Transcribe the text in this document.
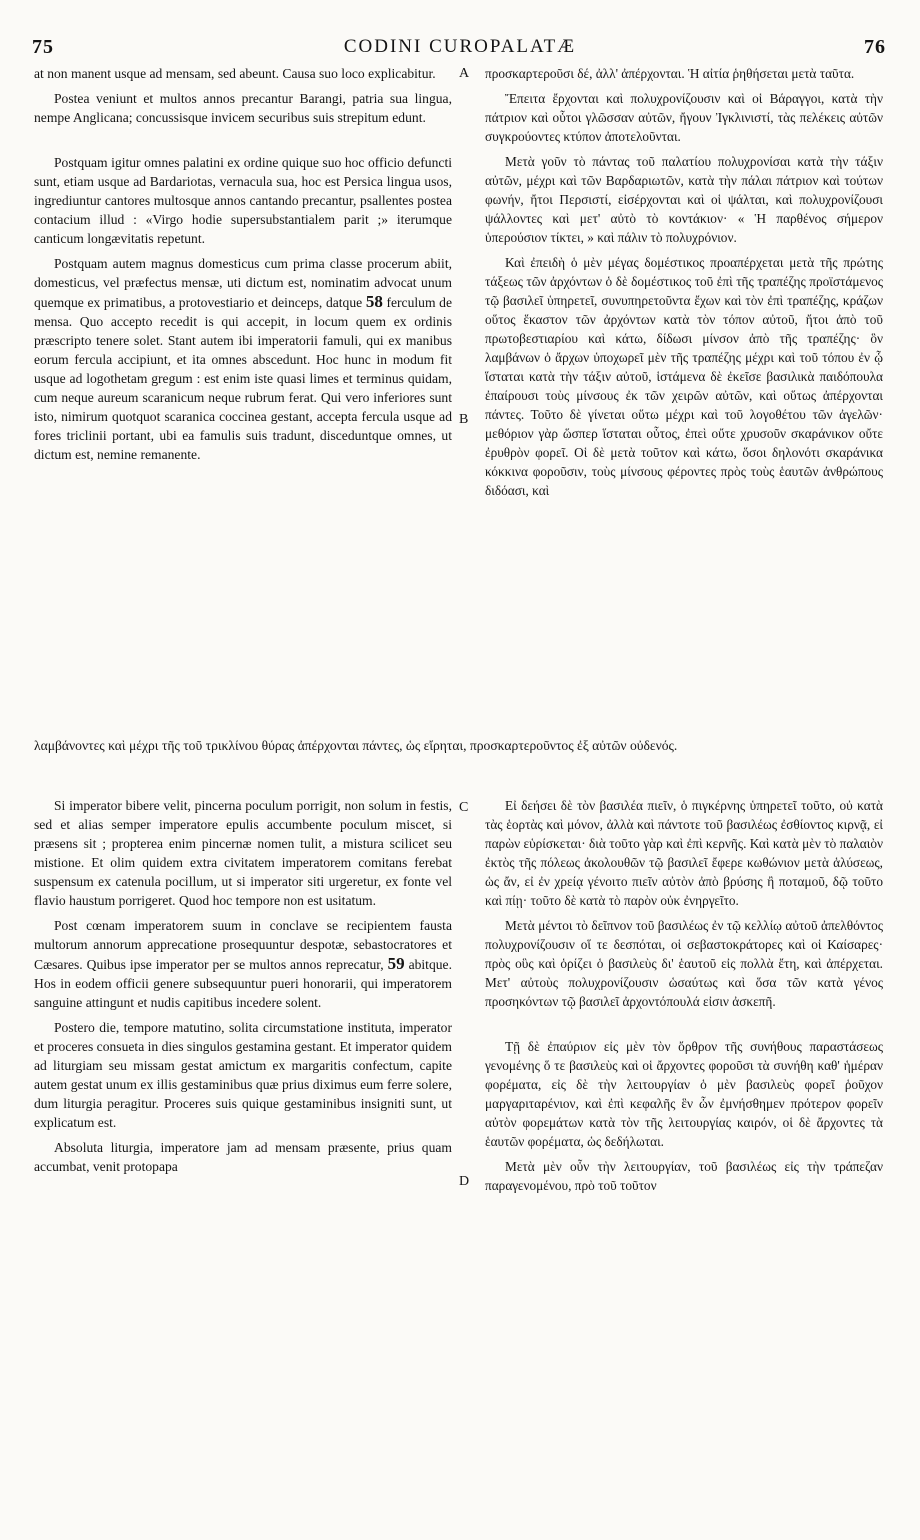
75	CODINI CUROPALATÆ	76

at non manent usque ad mensam, sed abeunt. Causa suo loco explicabitur.

Postea veniunt et multos annos precantur Barangi, patria sua lingua, nempe Anglicana; concussisque invicem securibus suis strepitum edunt.

Postquam igitur omnes palatini ex ordine quique suo hoc officio defuncti sunt, etiam usque ad Bardariotas, vernacula sua, hoc est Persica lingua usos, ingrediuntur cantores multosque annos cantando precantur, psallentes postea contacium illud : «Virgo hodie supersubstantialem parit ;» iterumque canticum longævitatis repetunt.

Postquam autem magnus domesticus cum prima classe procerum abiit, domesticus, vel præfectus mensæ, uti dictum est, nominatim advocat unum quemque ex primatibus, a protovestiario et deinceps, datque 58 ferculum de mensa. Quo accepto recedit is qui accepit, in locum quem ex ordinis præscripto tenere solet. Stant autem ibi imperatorii famuli, qui ex manibus eorum fercula accipiunt, et ita omnes abscedunt. Hoc hunc in modum fit usque ad logothetam gregum : est enim iste quasi limes et terminus quidam, cum neque aureum scaranicum neque rubrum ferat. Qui vero inferiores sunt isto, nimirum quotquot scaranica coccinea gestant, accepta fercula usque ad fores triclinii portant, ubi ea famulis suis tradunt, disceduntque omnes, ut dictum est, nemine remanente.

Si imperator bibere velit, pincerna poculum porrigit, non solum in festis, sed et alias semper imperatore epulis accumbente poculum miscet, si præsens sit ; propterea enim pincernæ nomen tulit, a mistura scilicet seu mistione. Et olim quidem extra civitatem imperatorem comitans ferebat suspensum ex catenula pocillum, ut si imperator siti urgeretur, ex fonte vel flavio haustum porrigeret. Quod hoc tempore non est usitatum.

Post cœnam imperatorem suum in conclave se recipientem fausta multorum annorum apprecatione prosequuntur despotæ, sebastocratores et Cæsares. Quibus ipse imperator per se multos annos reprecatur, 59 abitque. Hos in eodem officii genere subsequuntur pueri honorarii, qui imperatorem sanguine attingunt et nudis capitibus incedere solent.

Postero die, tempore matutino, solita circumstatione instituta, imperator et proceres consueta in dies singulos gestamina gestant. Et imperator quidem ad liturgiam seu missam gestat amictum ex margaritis confectum, capite autem gestat unum ex illis gestaminibus quæ prius diximus eum ferre solere, dum liturgia peragitur. Proceres suis quique gestaminibus insigniti sunt, ut explicatum est.

Absoluta liturgia, imperatore jam ad mensam præsente, prius quam accumbat, venit protopapa

προσκαρτεροῦσι δέ, ἀλλ' ἀπέρχονται. Ἡ αἰτία ῥηθήσεται μετὰ ταῦτα.

Ἔπειτα ἔρχονται καὶ πολυχρονίζουσιν καὶ οἱ Βάραγγοι, κατὰ τὴν πάτριον καὶ οὗτοι γλῶσσαν αὐτῶν, ἤγουν Ἰγκλινιστί, τὰς πελέκεις αὐτῶν συγκρούοντες κτύπον ἀποτελοῦνται.

Μετὰ γοῦν τὸ πάντας τοῦ παλατίου πολυχρονίσαι κατὰ τὴν τάξιν αὐτῶν, μέχρι καὶ τῶν Βαρδαριωτῶν, κατὰ τὴν πάλαι πάτριον καὶ τούτων φωνήν, ἤτοι Περσιστί, εἰσέρχονται καὶ οἱ ψάλται, καὶ πολυχρονίζουσι ψάλλοντες καὶ μετ' αὐτὸ τὸ κοντάκιον· « Ἡ παρθένος σήμερον ὑπερούσιον τίκτει, » καὶ πάλιν τὸ πολυχρόνιον.

Καὶ ἐπειδὴ ὁ μὲν μέγας δομέστικος προαπέρχεται μετὰ τῆς πρώτης τάξεως τῶν ἀρχόντων ὁ δὲ δομέστικος τοῦ ἐπὶ τῆς τραπέζης προϊστάμενος τῷ βασιλεῖ ὑπηρετεῖ, συνυπηρετοῦντα ἔχων καὶ τὸν ἐπὶ τραπέζης, κράζων οὕτος ἕκαστον τῶν ἀρχόντων κατὰ τὸν τόπον αὐτοῦ, ἤτοι ἀπὸ τοῦ πρωτοβεστιαρίου καὶ κάτω, δίδωσι μίνσον ἀπὸ τῆς τραπέζης· ὃν λαμβάνων ὁ ἄρχων ὑποχωρεῖ μὲν τῆς τραπέζης μέχρι καὶ τοῦ τόπου ἐν ᾧ ἵσταται κατὰ τὴν τάξιν αὐτοῦ, ἱστάμενα δὲ ἐκεῖσε βασιλικὰ παιδόπουλα ἐπαίρουσι τοὺς μίνσους ἐκ τῶν χειρῶν αὐτῶν, καὶ οὕτως ἀπέρχονται πάντες. Τοῦτο δὲ γίνεται οὕτω μέχρι καὶ τοῦ λογοθέτου τῶν ἀγελῶν· μεθόριον γὰρ ὥσπερ ἵσταται οὗτος, ἐπεὶ οὔτε χρυσοῦν σκαράνικον οὔτε ἐρυθρὸν φορεῖ. Οἱ δὲ μετὰ τοῦτον καὶ κάτω, ὅσοι δηλονότι σκαράνικα κόκκινα φοροῦσιν, τοὺς μίνσους φέροντες πρὸς τοὺς ἑαυτῶν ἀνθρώπους διδόασι, καὶ

Εἰ δεήσει δὲ τὸν βασιλέα πιεῖν, ὁ πιγκέρνης ὑπηρετεῖ τοῦτο, οὐ κατὰ τὰς ἑορτὰς καὶ μόνον, ἀλλὰ καὶ πάντοτε τοῦ βασιλέως ἐσθίοντος κιρνᾷ, εἰ παρὼν εὑρίσκεται· διὰ τοῦτο γὰρ καὶ ἐπὶ κερνῆς. Καὶ κατὰ μὲν τὸ παλαιὸν ἐκτὸς τῆς πόλεως ἀκολουθῶν τῷ βασιλεῖ ἔφερε κωθώνιον μετὰ ἁλύσεως, ὡς ἄν, εἰ ἐν χρείᾳ γένοιτο πιεῖν αὐτὸν ἀπὸ βρύσης ἢ ποταμοῦ, δῷ τοῦτο καὶ πίῃ· τοῦτο δὲ κατὰ τὸ παρὸν οὐκ ἐνηργεῖτο.

Μετὰ μέντοι τὸ δεῖπνον τοῦ βασιλέως ἐν τῷ κελλίῳ αὐτοῦ ἀπελθόντος πολυχρονίζουσιν οἵ τε δεσπόται, οἱ σεβαστοκράτορες καὶ οἱ Καίσαρες· πρὸς οὓς καὶ ὁρίζει ὁ βασιλεὺς δι' ἑαυτοῦ εἰς πολλὰ ἔτη, καὶ ἀπέρχεται. Μετ' αὐτοὺς πολυχρονίζουσιν ὡσαύτως καὶ ὅσα τῶν κατὰ γένος προσηκόντων τῷ βασιλεῖ ἀρχοντόπουλά εἰσιν ἀσκεπῆ.

Τῇ δὲ ἐπαύριον εἰς μὲν τὸν ὄρθρον τῆς συνήθους παραστάσεως γενομένης ὅ τε βασιλεὺς καὶ οἱ ἄρχοντες φοροῦσι τὰ συνήθη καθ' ἡμέραν φορέματα, εἰς δὲ τὴν λειτουργίαν ὁ μὲν βασιλεὺς φορεῖ ῥοῦχον μαργαριταρένιον, καὶ ἐπὶ κεφαλῆς ἓν ὧν ἐμνήσθημεν πρότερον φορεῖν αὐτὸν φορεμάτων κατὰ τὸν τῆς λειτουργίας καιρόν, οἱ δὲ ἄρχοντες τὰ ἑαυτῶν φορέματα, ὡς δεδήλωται.

Μετὰ μὲν οὖν τὴν λειτουργίαν, τοῦ βασιλέως εἰς τὴν τράπεζαν παραγενομένου, πρὸ τοῦ τοῦτον

λαμβάνοντες καὶ μέχρι τῆς τοῦ τρικλίνου θύρας ἀπέρχονται πάντες, ὡς εἴρηται, προσκαρτεροῦντος ἐξ αὐτῶν οὐδενός.
A
B
C
D
